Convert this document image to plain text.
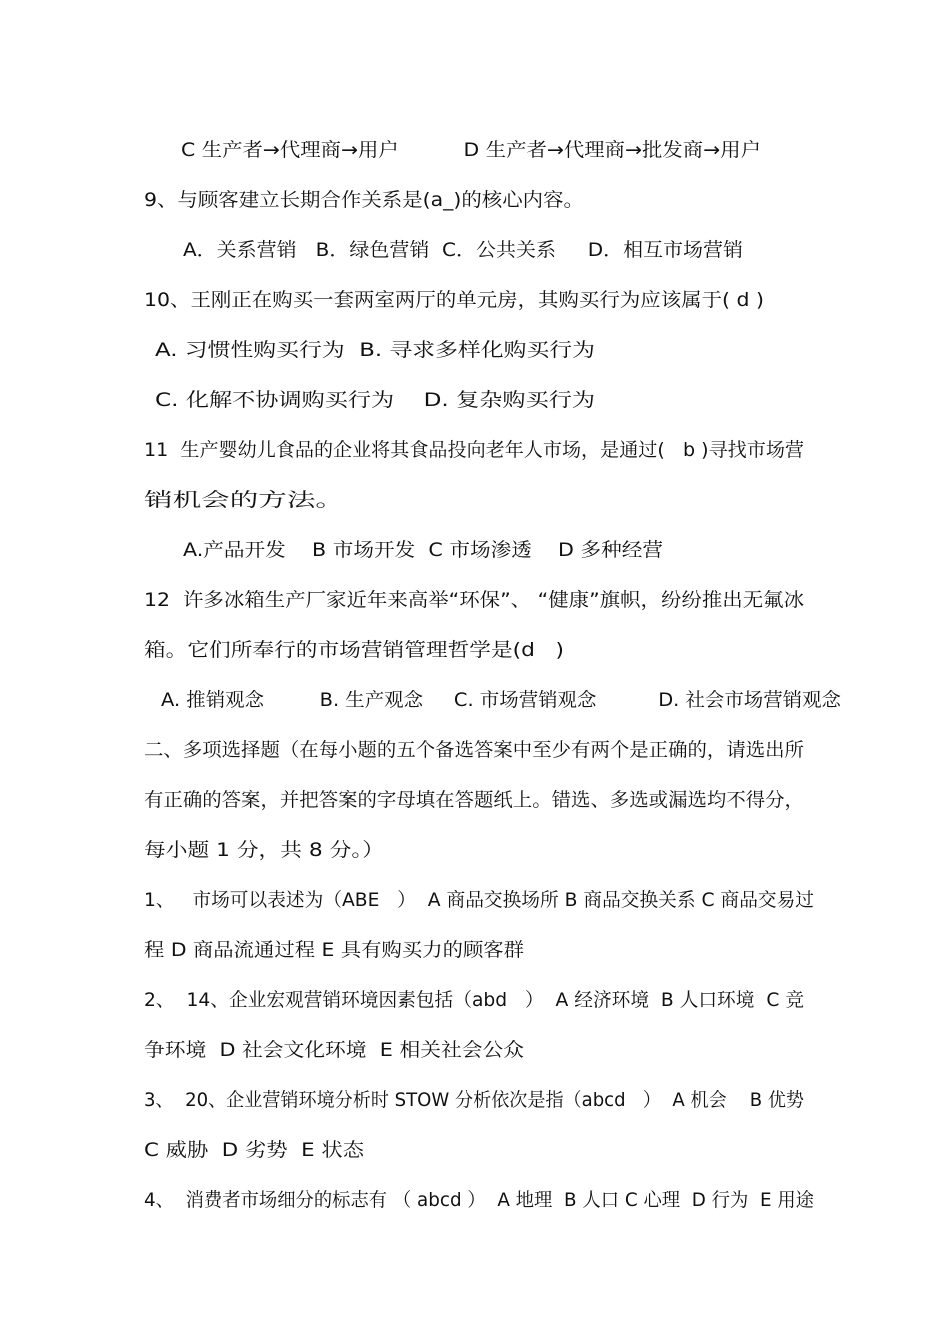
C 生产者→代理商→用户          D 生产者→代理商→批发商→用户
9、与顾客建立长期合作关系是(a_)的核心内容。
A．关系营销   B．绿色营销  C．公共关系     D．相互市场营销
10、王刚正在购买一套两室两厅的单元房，其购买行为应该属于( d )
A. 习惯性购买行为  B. 寻求多样化购买行为
C. 化解不协调购买行为    D. 复杂购买行为
11  生产婴幼儿食品的企业将其食品投向老年人市场，是通过(   b )寻找市场营
销机会的方法。
A.产品开发    B 市场开发  C 市场渗透    D 多种经营
12  许多冰箱生产厂家近年来高举“环保”、 “健康”旗帜，纷纷推出无氟冰
箱。它们所奉行的市场营销管理哲学是(d   )
A. 推销观念         B. 生产观念     C. 市场营销观念          D. 社会市场营销观念
二、多项选择题（在每小题的五个备选答案中至少有两个是正确的，请选出所
有正确的答案，并把答案的字母填在答题纸上。错选、多选或漏选均不得分，
每小题 1 分，共 8 分。）
1、   市场可以表述为（ABE   ）  A 商品交换场所 B 商品交换关系 C 商品交易过
程 D 商品流通过程 E 具有购买力的顾客群
2、  14、企业宏观营销环境因素包括（abd   ）  A 经济环境  B 人口环境  C 竞
争环境  D 社会文化环境  E 相关社会公众
3、  20、企业营销环境分析时 STOW 分析依次是指（abcd   ）  A 机会    B 优势
C 威胁  D 劣势  E 状态
4、  消费者市场细分的标志有 （ abcd ）  A 地理  B 人口 C 心理  D 行为  E 用途
